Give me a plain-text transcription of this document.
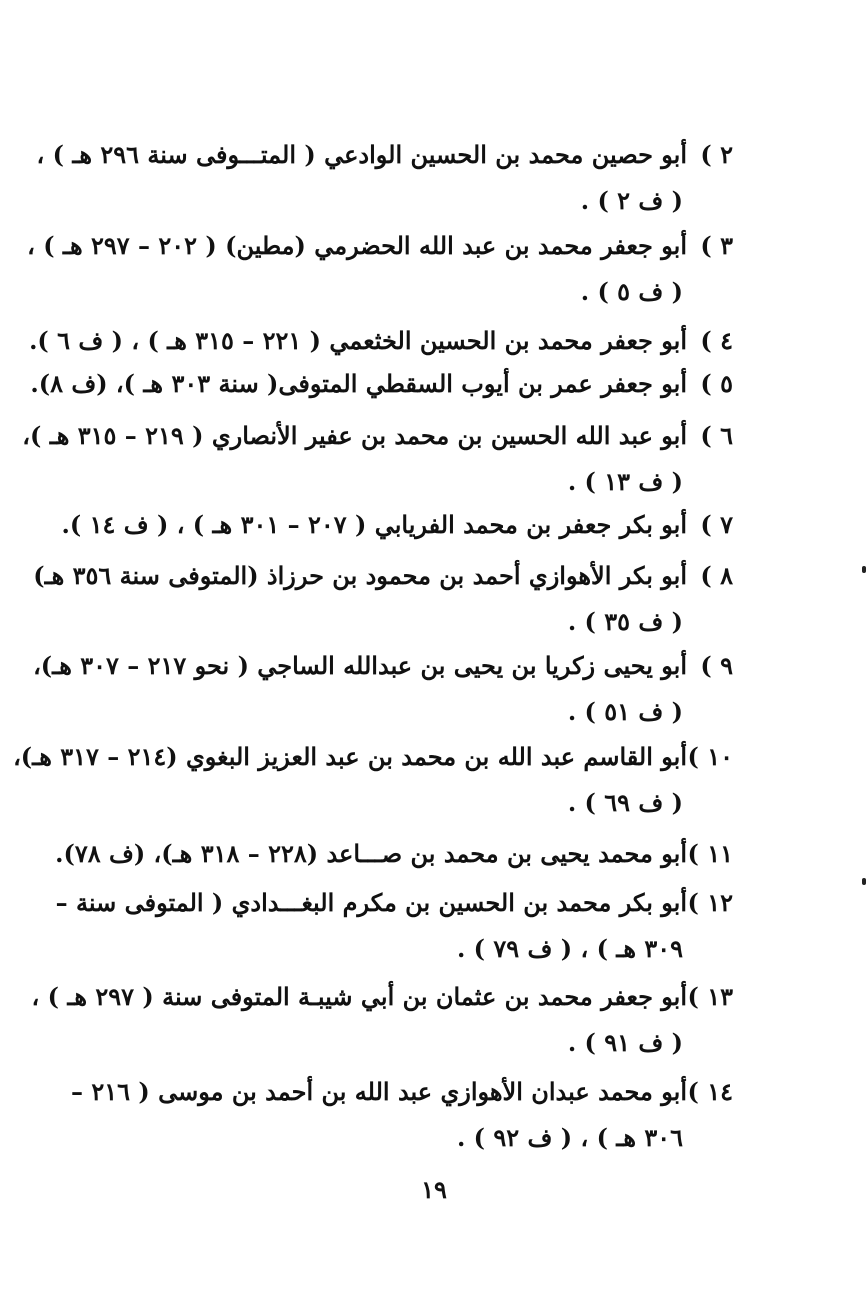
٢ )
أبو حصين محمد بن الحسين الوادعي ( المتـــوفى سنة ٢٩٦ هـ ) ،
( ف ٢ ) .
٣ )
أبو جعفر محمد بن عبد الله الحضرمي (مطين) ( ٢٠٢ – ٢٩٧ هـ ) ،
( ف ٥ ) .
٤ )
أبو جعفر محمد بن الحسين الخثعمي ( ٢٢١ – ٣١٥ هـ ) ، ( ف ٦ ).
٥ )
أبو جعفر عمر بن أيوب السقطي المتوفى( سنة ٣٠٣ هـ )، (ف ٨).
٦ )
أبو عبد الله الحسين بن محمد بن عفير الأنصاري ( ٢١٩ – ٣١٥ هـ )،
( ف ١٣ ) .
٧ )
أبو بكر جعفر بن محمد الفريابي ( ٢٠٧ – ٣٠١ هـ ) ، ( ف ١٤ ).
٨ )
أبو بكر الأهوازي أحمد بن محمود بن حرزاذ (المتوفى سنة ٣٥٦ هـ)
( ف ٣٥ ) .
٩ )
أبو يحيى زكريا بن يحيى بن عبدالله الساجي ( نحو ٢١٧ – ٣٠٧ هـ)،
( ف ٥١ ) .
١٠ )
أبو القاسم عبد الله بن محمد بن عبد العزيز البغوي (٢١٤ – ٣١٧ هـ)،
( ف ٦٩ ) .
١١ )
أبو محمد يحيى بن محمد بن صـــاعد (٢٢٨ – ٣١٨ هـ)، (ف ٧٨).
١٢ )
أبو بكر محمد بن الحسين بن مكرم البغـــدادي ( المتوفى سنة –
٣٠٩ هـ ) ، ( ف ٧٩ ) .
١٣ )
أبو جعفر محمد بن عثمان بن أبي شيبـة المتوفى سنة ( ٢٩٧ هـ ) ،
( ف ٩١ ) .
١٤ )
أبو محمد عبدان الأهوازي عبد الله بن أحمد بن موسى ( ٢١٦ –
٣٠٦ هـ ) ، ( ف ٩٢ ) .
١٩
